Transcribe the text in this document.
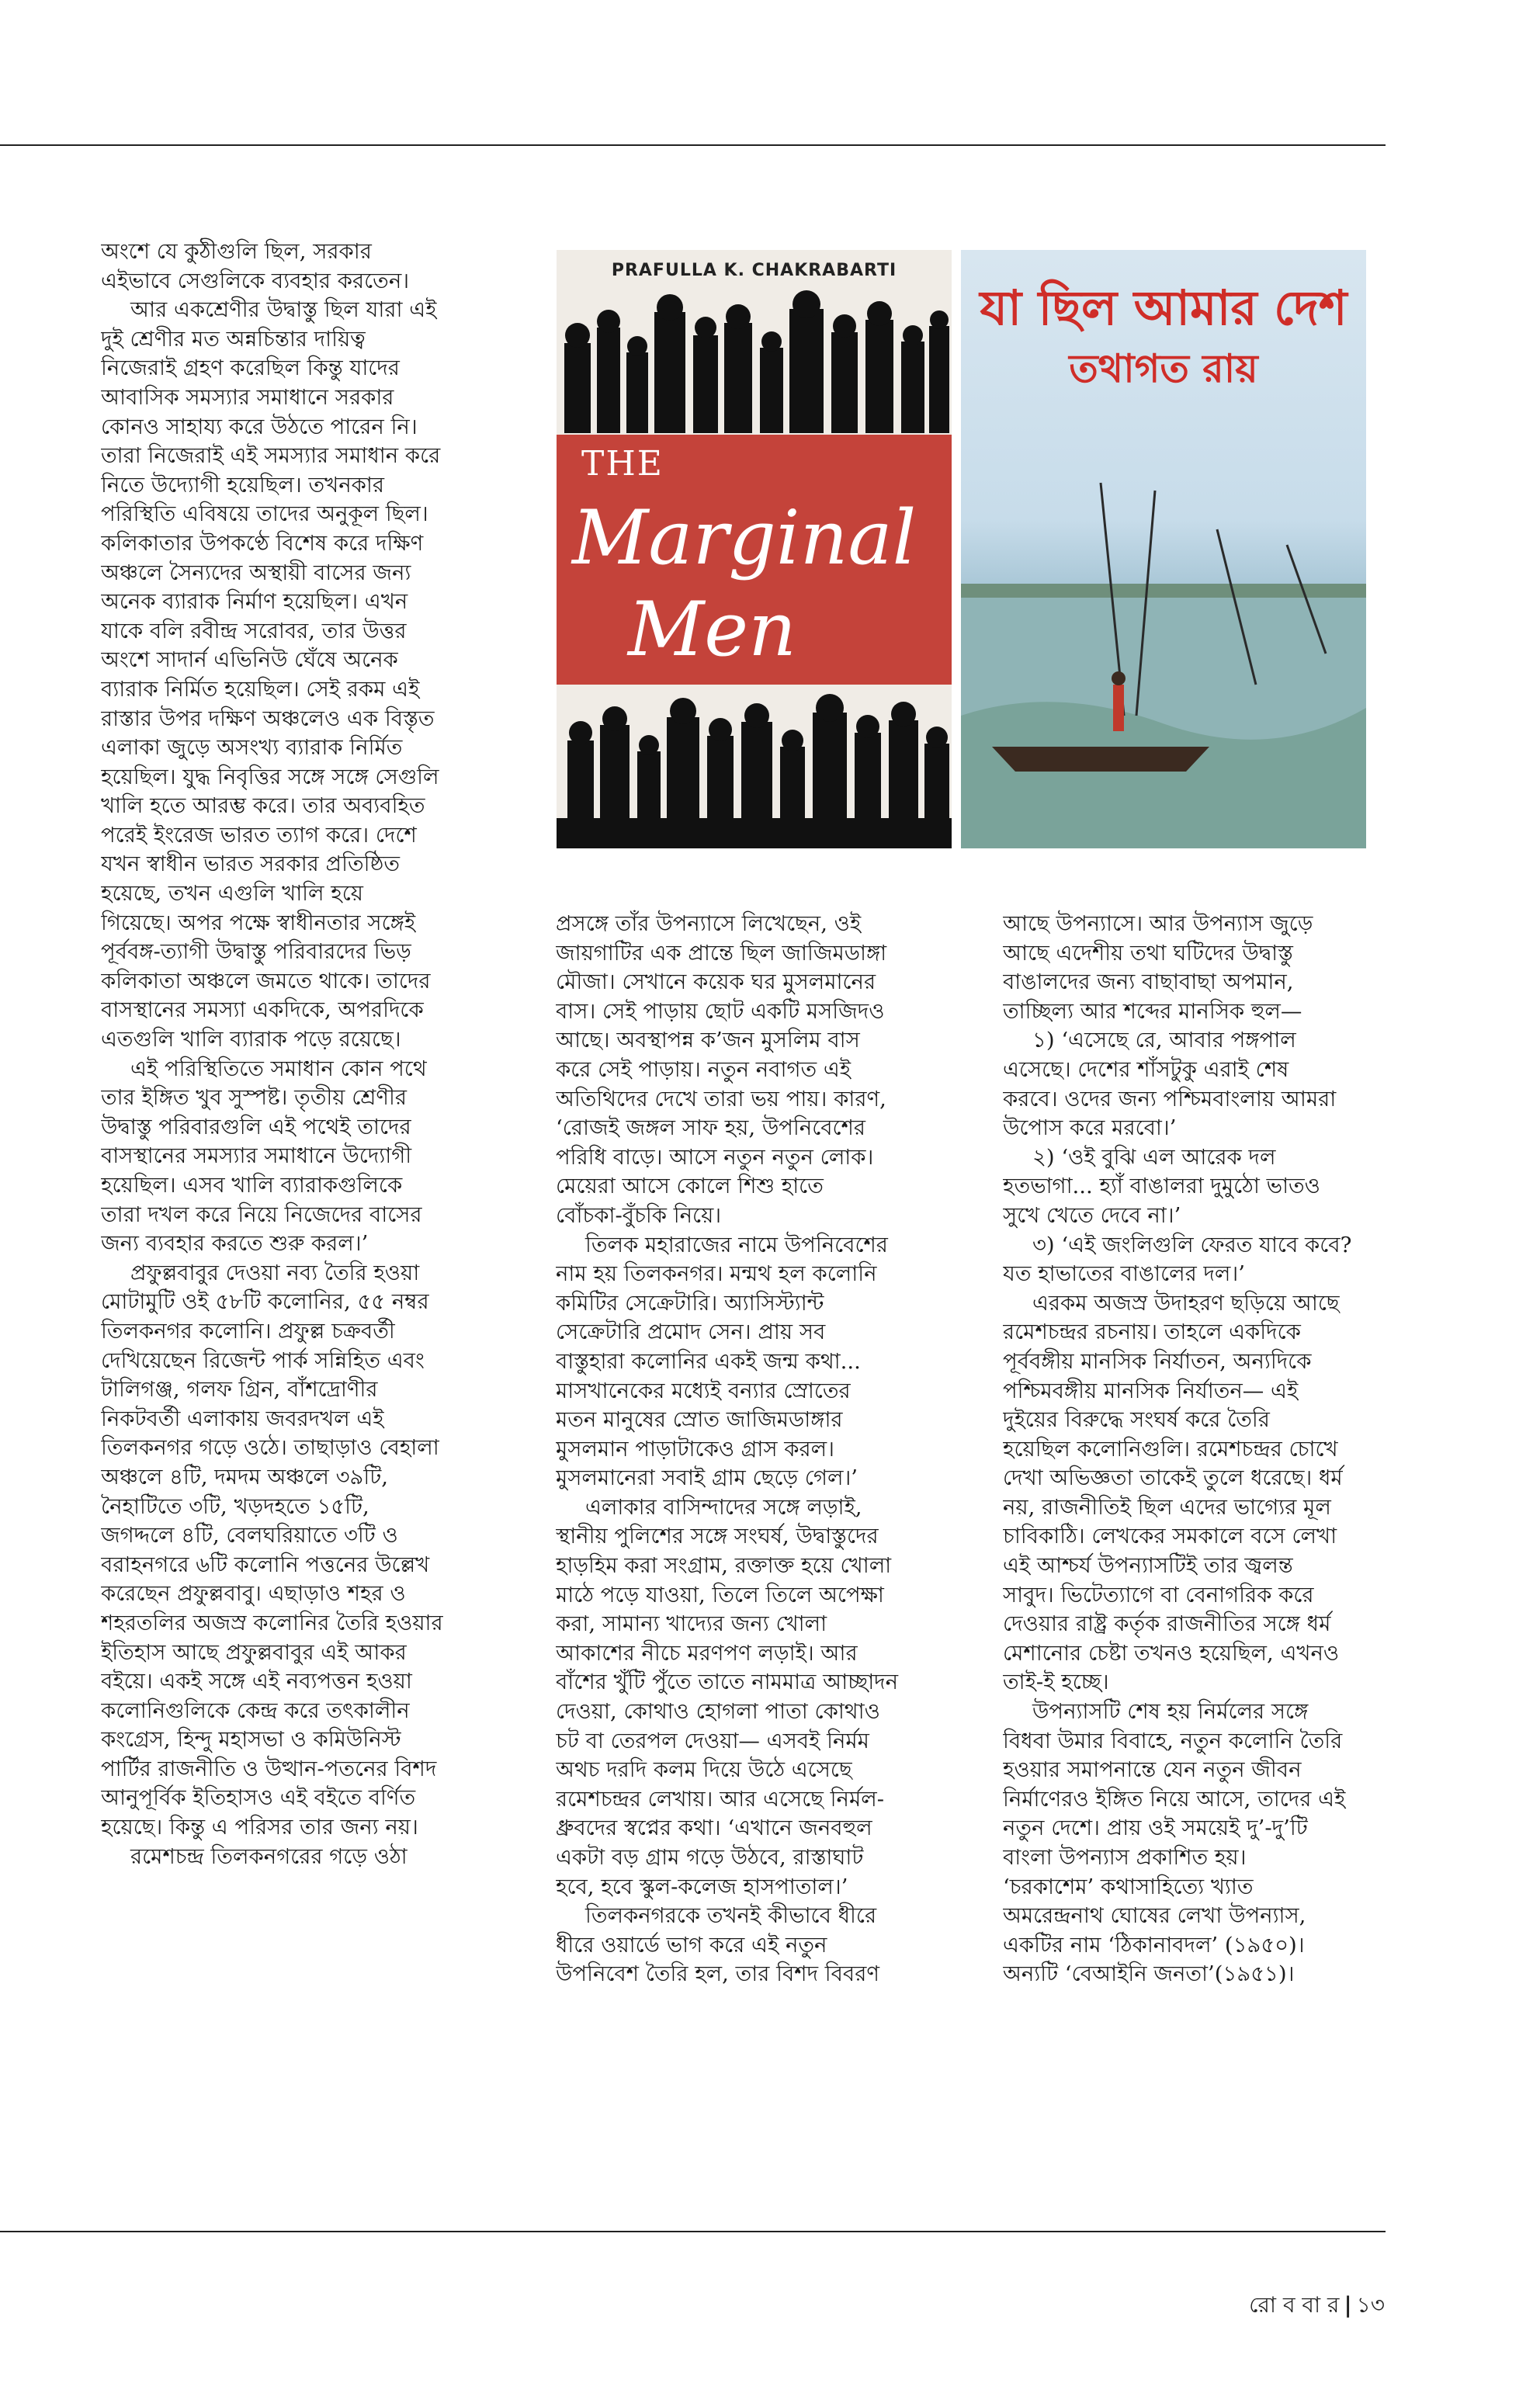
অংশে যে কুঠীগুলি ছিল, সরকার
এইভাবে সেগুলিকে ব্যবহার করতেন।
আর একশ্রেণীর উদ্বাস্তু ছিল যারা এই
দুই শ্রেণীর মত অন্নচিন্তার দায়িত্ব
নিজেরাই গ্রহণ করেছিল কিন্তু যাদের
আবাসিক সমস্যার সমাধানে সরকার
কোনও সাহায্য করে উঠতে পারেন নি।
তারা নিজেরাই এই সমস্যার সমাধান করে
নিতে উদ্যোগী হয়েছিল। তখনকার
পরিস্থিতি এবিষয়ে তাদের অনুকূল ছিল।
কলিকাতার উপকণ্ঠে বিশেষ করে দক্ষিণ
অঞ্চলে সৈন্যদের অস্থায়ী বাসের জন্য
অনেক ব্যারাক নির্মাণ হয়েছিল। এখন
যাকে বলি রবীন্দ্র সরোবর, তার উত্তর
অংশে সাদার্ন এভিনিউ ঘেঁষে অনেক
ব্যারাক নির্মিত হয়েছিল। সেই রকম এই
রাস্তার উপর দক্ষিণ অঞ্চলেও এক বিস্তৃত
এলাকা জুড়ে অসংখ্য ব্যারাক নির্মিত
হয়েছিল। যুদ্ধ নিবৃত্তির সঙ্গে সঙ্গে সেগুলি
খালি হতে আরম্ভ করে। তার অব্যবহিত
পরেই ইংরেজ ভারত ত্যাগ করে। দেশে
যখন স্বাধীন ভারত সরকার প্রতিষ্ঠিত
হয়েছে, তখন এগুলি খালি হয়ে
গিয়েছে। অপর পক্ষে স্বাধীনতার সঙ্গেই
পূর্ববঙ্গ-ত্যাগী উদ্বাস্তু পরিবারদের ভিড়
কলিকাতা অঞ্চলে জমতে থাকে। তাদের
বাসস্থানের সমস্যা একদিকে, অপরদিকে
এতগুলি খালি ব্যারাক পড়ে রয়েছে।
এই পরিস্থিতিতে সমাধান কোন পথে
তার ইঙ্গিত খুব সুস্পষ্ট। তৃতীয় শ্রেণীর
উদ্বাস্তু পরিবারগুলি এই পথেই তাদের
বাসস্থানের সমস্যার সমাধানে উদ্যোগী
হয়েছিল। এসব খালি ব্যারাকগুলিকে
তারা দখল করে নিয়ে নিজেদের বাসের
জন্য ব্যবহার করতে শুরু করল।’
প্রফুল্লবাবুর দেওয়া নব্য তৈরি হওয়া
মোটামুটি ওই ৫৮টি কলোনির, ৫৫ নম্বর
তিলকনগর কলোনি। প্রফুল্ল চক্রবর্তী
দেখিয়েছেন রিজেন্ট পার্ক সন্নিহিত এবং
টালিগঞ্জ, গলফ গ্রিন, বাঁশদ্রোণীর
নিকটবর্তী এলাকায় জবরদখল এই
তিলকনগর গড়ে ওঠে। তাছাড়াও বেহালা
অঞ্চলে ৪টি, দমদম অঞ্চলে ৩৯টি,
নৈহাটিতে ৩টি, খড়দহতে ১৫টি,
জগদ্দলে ৪টি, বেলঘরিয়াতে ৩টি ও
বরাহনগরে ৬টি কলোনি পত্তনের উল্লেখ
করেছেন প্রফুল্লবাবু। এছাড়াও শহর ও
শহরতলির অজস্র কলোনির তৈরি হওয়ার
ইতিহাস আছে প্রফুল্লবাবুর এই আকর
বইয়ে। একই সঙ্গে এই নব্যপত্তন হওয়া
কলোনিগুলিকে কেন্দ্র করে তৎকালীন
কংগ্রেস, হিন্দু মহাসভা ও কমিউনিস্ট
পার্টির রাজনীতি ও উত্থান-পতনের বিশদ
আনুপূর্বিক ইতিহাসও এই বইতে বর্ণিত
হয়েছে। কিন্তু এ পরিসর তার জন্য নয়।
রমেশচন্দ্র তিলকনগরের গড়ে ওঠা
PRAFULLA K. CHAKRABARTI
THE
Marginal
Men
যা ছিল আমার দেশ
তথাগত রায়
প্রসঙ্গে তাঁর উপন্যাসে লিখেছেন, ওই
জায়গাটির এক প্রান্তে ছিল জাজিমডাঙ্গা
মৌজা। সেখানে কয়েক ঘর মুসলমানের
বাস। সেই পাড়ায় ছোট একটি মসজিদও
আছে। অবস্থাপন্ন ক’জন মুসলিম বাস
করে সেই পাড়ায়। নতুন নবাগত এই
অতিথিদের দেখে তারা ভয় পায়। কারণ,
‘রোজই জঙ্গল সাফ হয়, উপনিবেশের
পরিধি বাড়ে। আসে নতুন নতুন লোক।
মেয়েরা আসে কোলে শিশু হাতে
বোঁচকা-বুঁচকি নিয়ে।
তিলক মহারাজের নামে উপনিবেশের
নাম হয় তিলকনগর। মন্মথ হল কলোনি
কমিটির সেক্রেটারি। অ্যাসিস্ট্যান্ট
সেক্রেটারি প্রমোদ সেন। প্রায় সব
বাস্তুহারা কলোনির একই জন্ম কথা...
মাসখানেকের মধ্যেই বন্যার স্রোতের
মতন মানুষের স্রোত জাজিমডাঙ্গার
মুসলমান পাড়াটাকেও গ্রাস করল।
মুসলমানেরা সবাই গ্রাম ছেড়ে গেল।’
এলাকার বাসিন্দাদের সঙ্গে লড়াই,
স্থানীয় পুলিশের সঙ্গে সংঘর্ষ, উদ্বাস্তুদের
হাড়হিম করা সংগ্রাম, রক্তাক্ত হয়ে খোলা
মাঠে পড়ে যাওয়া, তিলে তিলে অপেক্ষা
করা, সামান্য খাদ্যের জন্য খোলা
আকাশের নীচে মরণপণ লড়াই। আর
বাঁশের খুঁটি পুঁতে তাতে নামমাত্র আচ্ছাদন
দেওয়া, কোথাও হোগলা পাতা কোথাও
চট বা তেরপল দেওয়া— এসবই নির্মম
অথচ দরদি কলম দিয়ে উঠে এসেছে
রমেশচন্দ্রর লেখায়। আর এসেছে নির্মল-
ধ্রুবদের স্বপ্নের কথা। ‘এখানে জনবহুল
একটা বড় গ্রাম গড়ে উঠবে, রাস্তাঘাট
হবে, হবে স্কুল-কলেজ হাসপাতাল।’
তিলকনগরকে তখনই কীভাবে ধীরে
ধীরে ওয়ার্ডে ভাগ করে এই নতুন
উপনিবেশ তৈরি হল, তার বিশদ বিবরণ
আছে উপন্যাসে। আর উপন্যাস জুড়ে
আছে এদেশীয় তথা ঘটিদের উদ্বাস্তু
বাঙালদের জন্য বাছাবাছা অপমান,
তাচ্ছিল্য আর শব্দের মানসিক হুল—
১) ‘এসেছে রে, আবার পঙ্গপাল
এসেছে। দেশের শাঁসটুকু এরাই শেষ
করবে। ওদের জন্য পশ্চিমবাংলায় আমরা
উপোস করে মরবো।’
২) ‘ওই বুঝি এল আরেক দল
হতভাগা... হ্যাঁ বাঙালরা দুমুঠো ভাতও
সুখে খেতে দেবে না।’
৩) ‘এই জংলিগুলি ফেরত যাবে কবে?
যত হাভাতের বাঙালের দল।’
এরকম অজস্র উদাহরণ ছড়িয়ে আছে
রমেশচন্দ্রর রচনায়। তাহলে একদিকে
পূর্ববঙ্গীয় মানসিক নির্যাতন, অন্যদিকে
পশ্চিমবঙ্গীয় মানসিক নির্যাতন— এই
দুইয়ের বিরুদ্ধে সংঘর্ষ করে তৈরি
হয়েছিল কলোনিগুলি। রমেশচন্দ্রর চোখে
দেখা অভিজ্ঞতা তাকেই তুলে ধরেছে। ধর্ম
নয়, রাজনীতিই ছিল এদের ভাগ্যের মূল
চাবিকাঠি। লেখকের সমকালে বসে লেখা
এই আশ্চর্য উপন্যাসটিই তার জ্বলন্ত
সাবুদ। ভিটেত্যাগে বা বেনাগরিক করে
দেওয়ার রাষ্ট্র কর্তৃক রাজনীতির সঙ্গে ধর্ম
মেশানোর চেষ্টা তখনও হয়েছিল, এখনও
তাই-ই হচ্ছে।
উপন্যাসটি শেষ হয় নির্মলের সঙ্গে
বিধবা উমার বিবাহে, নতুন কলোনি তৈরি
হওয়ার সমাপনান্তে যেন নতুন জীবন
নির্মাণেরও ইঙ্গিত নিয়ে আসে, তাদের এই
নতুন দেশে। প্রায় ওই সময়েই দু’-দু’টি
বাংলা উপন্যাস প্রকাশিত হয়।
‘চরকাশেম’ কথাসাহিত্যে খ্যাত
অমরেন্দ্রনাথ ঘোষের লেখা উপন্যাস,
একটির নাম ‘ঠিকানাবদল’ (১৯৫০)।
অন্যটি ‘বেআইনি জনতা’(১৯৫১)।
রো ব বা র | ১৩
